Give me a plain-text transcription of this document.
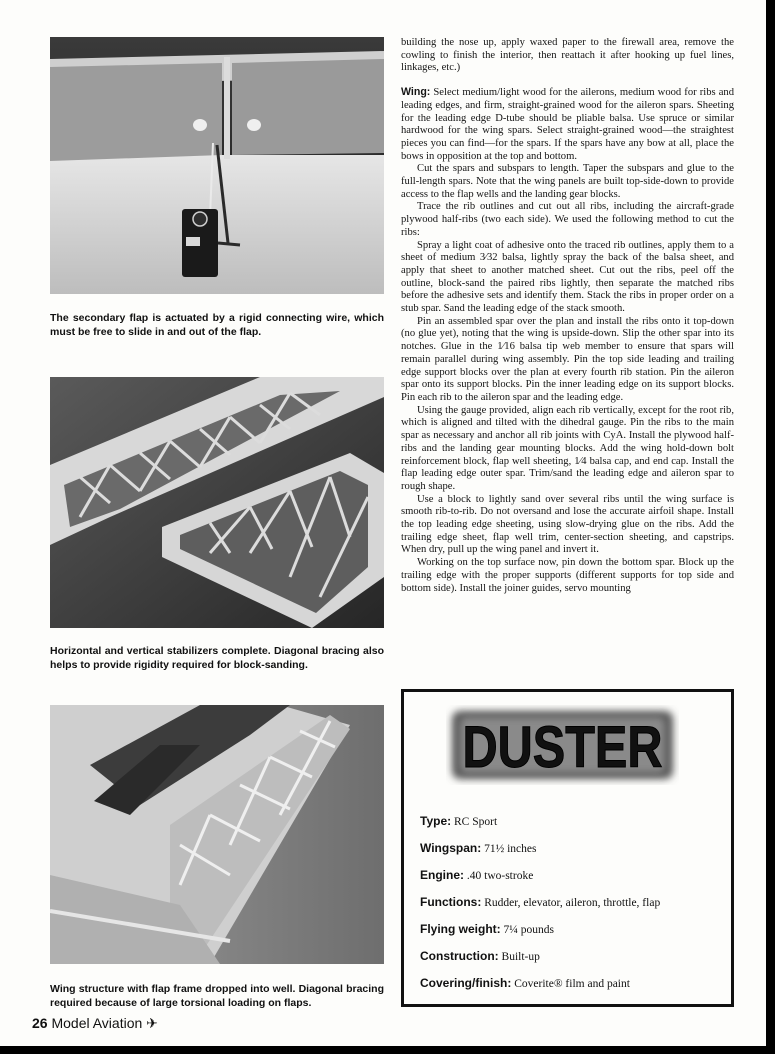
The secondary flap is actuated by a rigid connecting wire, which must be free to slide in and out of the flap.
Horizontal and vertical stabilizers complete. Diagonal bracing also helps to provide rigidity required for block-sanding.
Wing structure with flap frame dropped into well. Diagonal bracing required because of large torsional loading on flaps.

building the nose up, apply waxed paper to the firewall area, remove the cowling to finish the interior, then reattach it after hooking up fuel lines, linkages, etc.)

Wing: Select medium/light wood for the ailerons, medium wood for ribs and leading edges, and firm, straight-grained wood for the aileron spars. Sheeting for the leading edge D-tube should be pliable balsa. Use spruce or similar hardwood for the wing spars. Select straight-grained wood—the straightest pieces you can find—for the spars. If the spars have any bow at all, place the bows in opposition at the top and bottom.

Cut the spars and subspars to length. Taper the subspars and glue to the full-length spars. Note that the wing panels are built top-side-down to provide access to the flap wells and the landing gear blocks.

Trace the rib outlines and cut out all ribs, including the aircraft-grade plywood half-ribs (two each side). We used the following method to cut the ribs:

Spray a light coat of adhesive onto the traced rib outlines, apply them to a sheet of medium 3⁄32 balsa, lightly spray the back of the balsa sheet, and apply that sheet to another matched sheet. Cut out the ribs, peel off the outline, block-sand the paired ribs lightly, then separate the matched ribs before the adhesive sets and identify them. Stack the ribs in proper order on a stub spar. Sand the leading edge of the stack smooth.

Pin an assembled spar over the plan and install the ribs onto it top-down (no glue yet), noting that the wing is upside-down. Slip the other spar into its notches. Glue in the 1⁄16 balsa tip web member to ensure that spars will remain parallel during wing assembly. Pin the top side leading and trailing edge support blocks over the plan at every fourth rib station. Pin the aileron spar onto its support blocks. Pin the inner leading edge on its support blocks. Pin each rib to the aileron spar and the leading edge.

Using the gauge provided, align each rib vertically, except for the root rib, which is aligned and tilted with the dihedral gauge. Pin the ribs to the main spar as necessary and anchor all rib joints with CyA. Install the plywood half-ribs and the landing gear mounting blocks. Add the wing hold-down bolt reinforcement block, flap well sheeting, 1⁄4 balsa cap, and end cap. Install the flap leading edge outer spar. Trim/sand the leading edge and aileron spar to rough shape.

Use a block to lightly sand over several ribs until the wing surface is smooth rib-to-rib. Do not oversand and lose the accurate airfoil shape. Install the top leading edge sheeting, using slow-drying glue on the ribs. Add the trailing edge sheet, flap well trim, center-section sheeting, and capstrips. When dry, pull up the wing panel and invert it.

Working on the top surface now, pin down the bottom spar. Block up the trailing edge with the proper supports (different supports for top side and bottom side). Install the joiner guides, servo mounting

DUSTER
Type: RC Sport
Wingspan: 71½ inches
Engine: .40 two-stroke
Functions: Rudder, elevator, aileron, throttle, flap
Flying weight: 7¼ pounds
Construction: Built-up
Covering/finish: Coverite® film and paint
26 Model Aviation ✈
